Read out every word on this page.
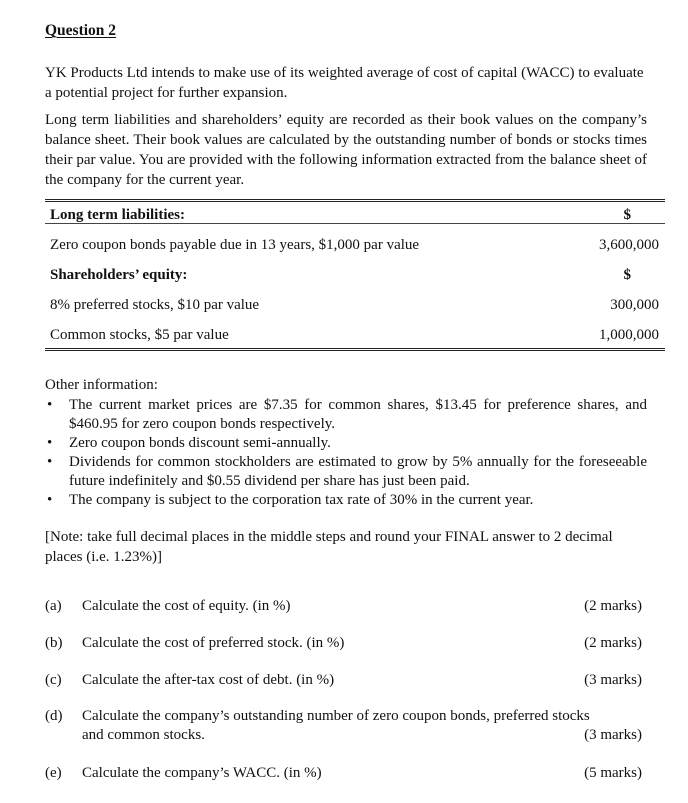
Question 2
YK Products Ltd intends to make use of its weighted average of cost of capital (WACC) to evaluate a potential project for further expansion.
Long term liabilities and shareholders’ equity are recorded as their book values on the company’s balance sheet. Their book values are calculated by the outstanding number of bonds or stocks times their par value. You are provided with the following information extracted from the balance sheet of the company for the current year.
Long term liabilities:	$
Zero coupon bonds payable due in 13 years, $1,000 par value	3,600,000
Shareholders’ equity:	$
8% preferred stocks, $10 par value	300,000
Common stocks, $5 par value	1,000,000
Other information:
• The current market prices are $7.35 for common shares, $13.45 for preference shares, and $460.95 for zero coupon bonds respectively.
• Zero coupon bonds discount semi-annually.
• Dividends for common stockholders are estimated to grow by 5% annually for the foreseeable future indefinitely and $0.55 dividend per share has just been paid.
• The company is subject to the corporation tax rate of 30% in the current year.
[Note: take full decimal places in the middle steps and round your FINAL answer to 2 decimal places (i.e. 1.23%)]
(a) Calculate the cost of equity. (in %)	(2 marks)
(b) Calculate the cost of preferred stock. (in %)	(2 marks)
(c) Calculate the after-tax cost of debt. (in %)	(3 marks)
(d) Calculate the company’s outstanding number of zero coupon bonds, preferred stocks and common stocks.	(3 marks)
(e) Calculate the company’s WACC. (in %)	(5 marks)
